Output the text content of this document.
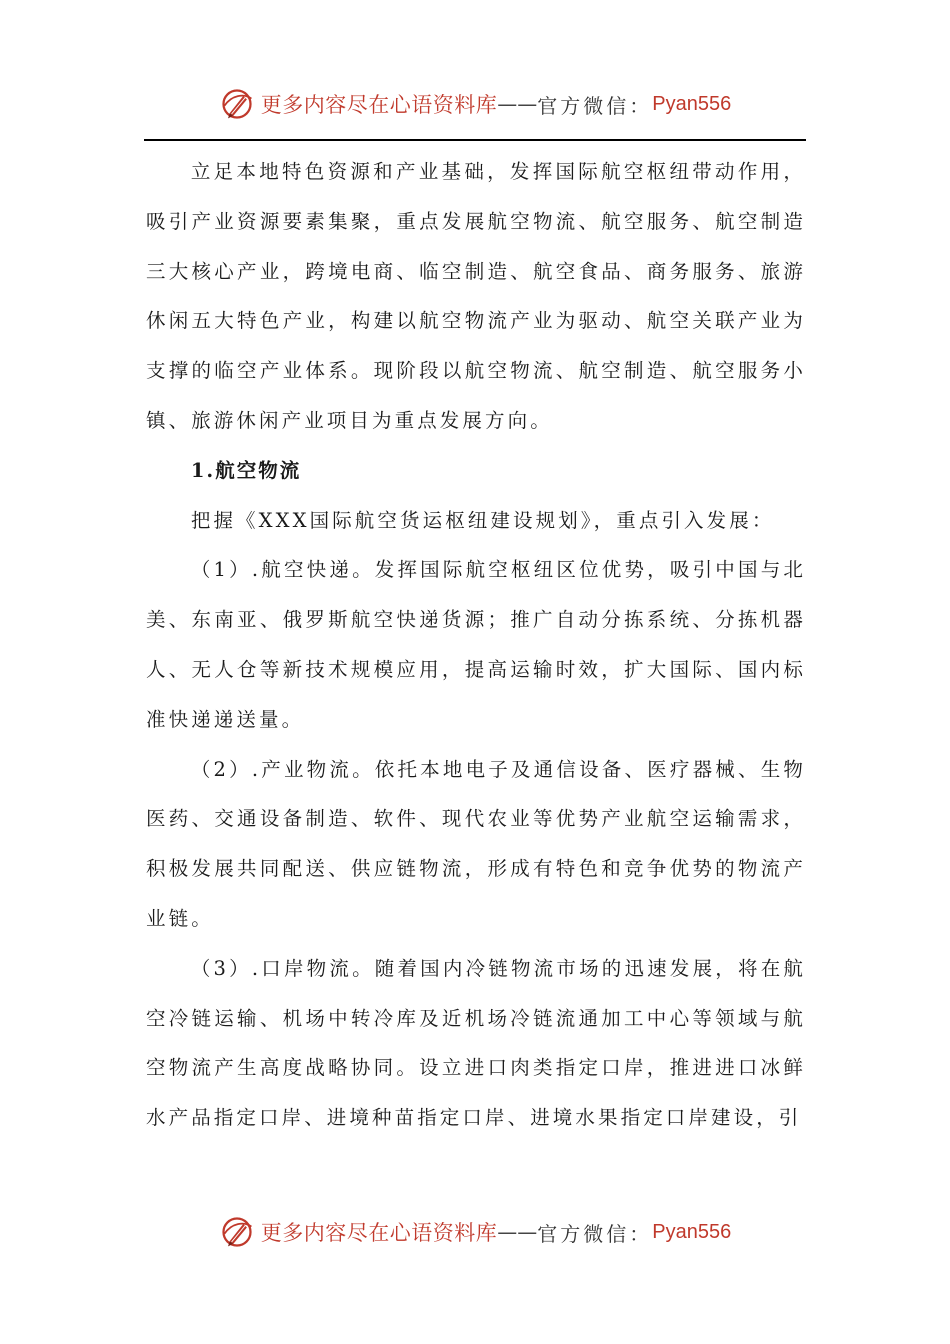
更多内容尽在心语资料库 —— 官方微信： Pyan556

立足本地特色资源和产业基础，发挥国际航空枢纽带动作用，吸引产业资源要素集聚，重点发展航空物流、航空服务、航空制造三大核心产业，跨境电商、临空制造、航空食品、商务服务、旅游休闲五大特色产业，构建以航空物流产业为驱动、航空关联产业为支撑的临空产业体系。现阶段以航空物流、航空制造、航空服务小镇、旅游休闲产业项目为重点发展方向。

1.航空物流

把握《XXX国际航空货运枢纽建设规划》，重点引入发展：

（1）.航空快递。发挥国际航空枢纽区位优势，吸引中国与北美、东南亚、俄罗斯航空快递货源；推广自动分拣系统、分拣机器人、无人仓等新技术规模应用，提高运输时效，扩大国际、国内标准快递递送量。

（2）.产业物流。依托本地电子及通信设备、医疗器械、生物医药、交通设备制造、软件、现代农业等优势产业航空运输需求，积极发展共同配送、供应链物流，形成有特色和竞争优势的物流产业链。

（3）.口岸物流。随着国内冷链物流市场的迅速发展，将在航空冷链运输、机场中转冷库及近机场冷链流通加工中心等领域与航空物流产生高度战略协同。设立进口肉类指定口岸，推进进口冰鲜水产品指定口岸、进境种苗指定口岸、进境水果指定口岸建设，引

更多内容尽在心语资料库 —— 官方微信： Pyan556
